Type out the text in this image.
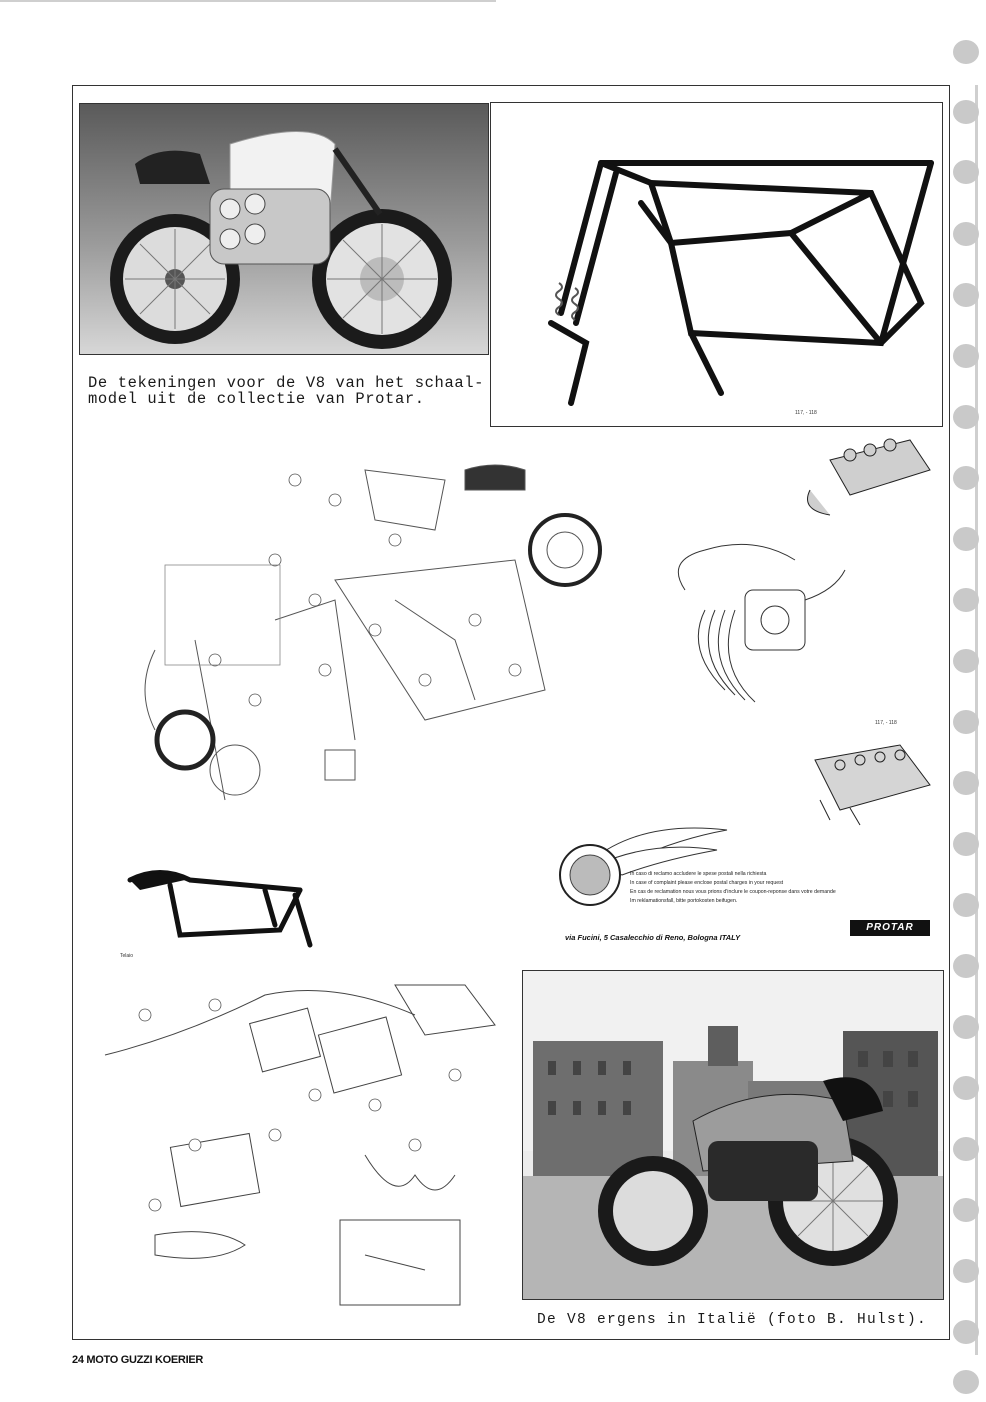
De tekeningen voor de V8 van het schaal-
model uit de collectie van Protar.
117, - 118
117, - 118
In caso di reclamo accludere le spese postali nella richiesta
In case of complaint please enclose postal charges in your request
En cas de reclamation nous vous prions d'inclure le coupon-reponse dans votre demande
Im reklamationsfall, bitte portokosten beifugen.
via Fucini, 5 Casalecchio di Reno, Bologna ITALY
PROTAR
Telaio
De V8 ergens in Italië (foto B. Hulst).
24 MOTO GUZZI KOERIER
